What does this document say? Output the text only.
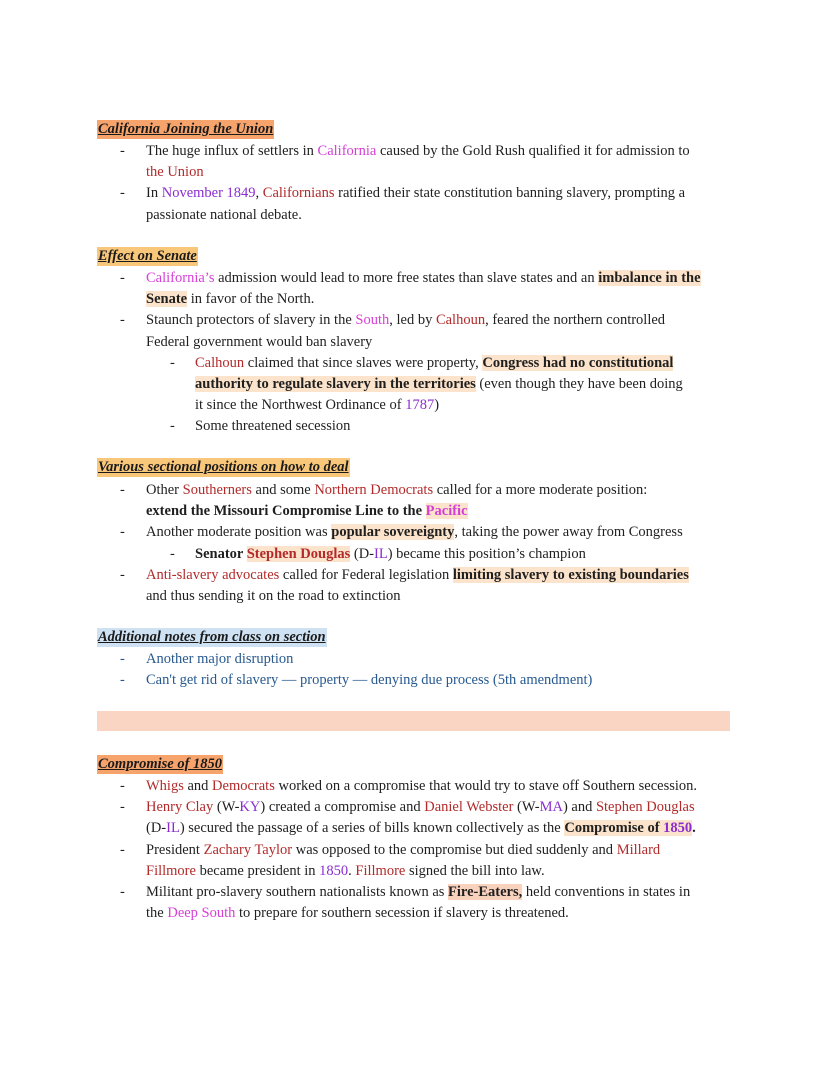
California Joining the Union
- The huge influx of settlers in California caused by the Gold Rush qualified it for admission to
the Union
- In November 1849, Californians ratified their state constitution banning slavery, prompting a
passionate national debate.
Effect on Senate
- California’s admission would lead to more free states than slave states and an imbalance in the
Senate in favor of the North.
- Staunch protectors of slavery in the South, led by Calhoun, feared the northern controlled
Federal government would ban slavery
- Calhoun claimed that since slaves were property, Congress had no constitutional
authority to regulate slavery in the territories (even though they have been doing
it since the Northwest Ordinance of 1787)
- Some threatened secession
Various sectional positions on how to deal
- Other Southerners and some Northern Democrats called for a more moderate position:
extend the Missouri Compromise Line to the Pacific
- Another moderate position was popular sovereignty, taking the power away from Congress
- Senator Stephen Douglas (D-IL) became this position’s champion
- Anti-slavery advocates called for Federal legislation limiting slavery to existing boundaries
and thus sending it on the road to extinction
Additional notes from class on section
- Another major disruption
- Can't get rid of slavery — property — denying due process (5th amendment)
Compromise of 1850
- Whigs and Democrats worked on a compromise that would try to stave off Southern secession.
- Henry Clay (W-KY) created a compromise and Daniel Webster (W-MA) and Stephen Douglas
(D-IL) secured the passage of a series of bills known collectively as the Compromise of 1850.
- President Zachary Taylor was opposed to the compromise but died suddenly and Millard
Fillmore became president in 1850. Fillmore signed the bill into law.
- Militant pro-slavery southern nationalists known as Fire-Eaters, held conventions in states in
the Deep South to prepare for southern secession if slavery is threatened.
